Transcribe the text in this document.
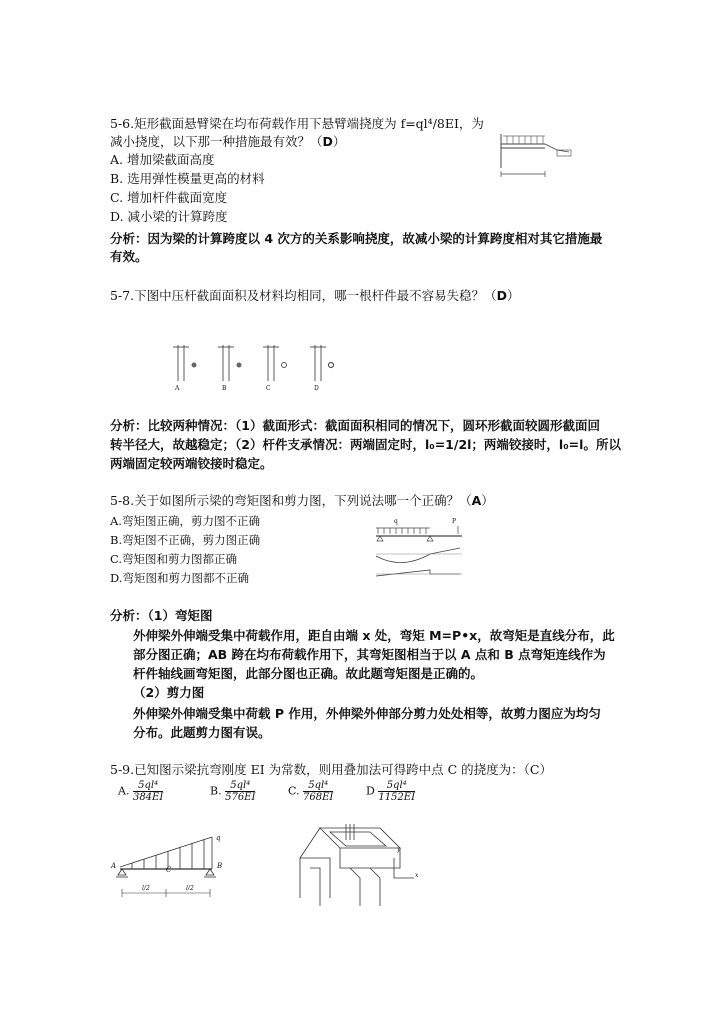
5-6.矩形截面悬臂梁在均布荷载作用下悬臂端挠度为 f=ql⁴/8EI，为
减小挠度，以下那一种措施最有效？（D）
A. 增加梁截面高度
B. 选用弹性模量更高的材料
C. 增加杆件截面宽度
D. 减小梁的计算跨度
分析：因为梁的计算跨度以 4 次方的关系影响挠度，故减小梁的计算跨度相对其它措施最
有效。
5-7.下图中压杆截面面积及材料均相同，哪一根杆件最不容易失稳？（D）
A	B	C	D
分析：比较两种情况：（1）截面形式：截面面积相同的情况下，圆环形截面较圆形截面回
转半径大，故越稳定；（2）杆件支承情况：两端固定时，l₀=1/2l；两端铰接时，l₀=l。所以
两端固定较两端铰接时稳定。
5-8.关于如图所示梁的弯矩图和剪力图，下列说法哪一个正确？（A）
A.弯矩图正确，剪力图不正确
B.弯矩图不正确，剪力图正确
C.弯矩图和剪力图都正确
D.弯矩图和剪力图都不正确
q	P
分析：（1）弯矩图
外伸梁外伸端受集中荷载作用，距自由端 x 处，弯矩 M=P•x，故弯矩是直线分布，此
部分图正确；AB 跨在均布荷载作用下，其弯矩图相当于以 A 点和 B 点弯矩连线作为
杆件轴线画弯矩图，此部分图也正确。故此题弯矩图是正确的。
（2）剪力图
外伸梁外伸端受集中荷载 P 作用，外伸梁外伸部分剪力处处相等，故剪力图应为均匀
分布。此题剪力图有误。
5-9.已知图示梁抗弯刚度 EI 为常数，则用叠加法可得跨中点 C 的挠度为：（C）
A. $\frac{\text{5ql⁴}}{384EI}$	B. $\frac{\text{5ql⁴}}{576EI}$	C. $\frac{\text{5ql⁴}}{768EI}$	D $\frac{\text{5ql⁴}}{1152EI}$
q
A	B
C
l/2	l/2
y
x
